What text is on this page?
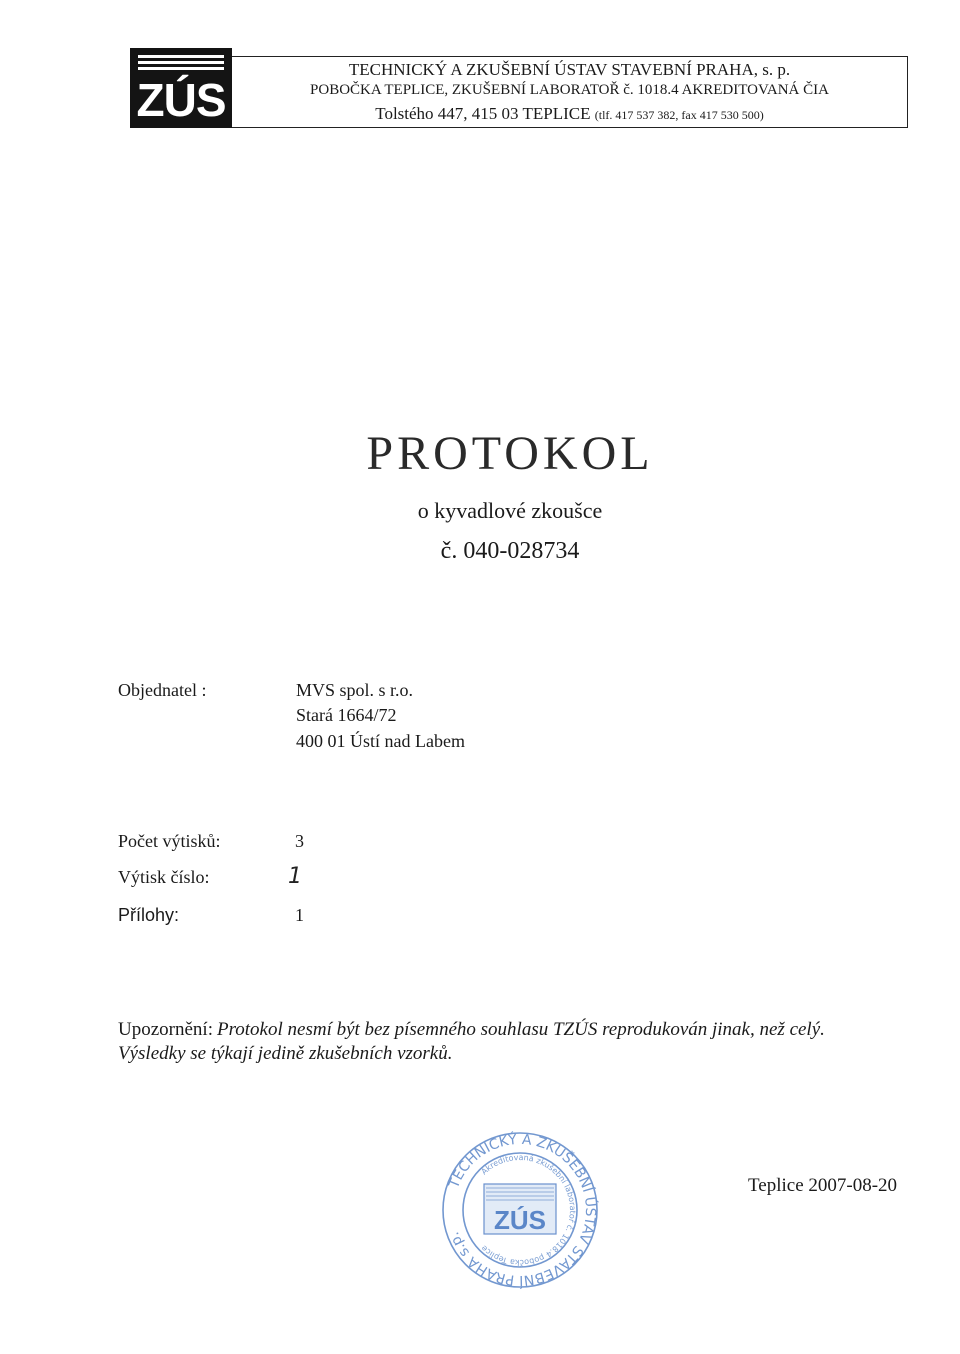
ZÚS
TECHNICKÝ A ZKUŠEBNÍ ÚSTAV STAVEBNÍ PRAHA, s. p.
POBOČKA TEPLICE, ZKUŠEBNÍ LABORATOŘ č. 1018.4 AKREDITOVANÁ ČIA
Tolstého 447, 415 03 TEPLICE (tlf. 417 537 382, fax 417 530 500)
PROTOKOL
o kyvadlové zkoušce
č. 040-028734
Objednatel :	MVS spol. s r.o.
Stará 1664/72
400 01 Ústí nad Labem
Počet výtisků:	3
Výtisk číslo:	1
Přílohy:	1
Upozornění: Protokol nesmí být bez písemného souhlasu TZÚS reprodukován jinak, než celý.
Výsledky se týkají jedině zkušebních vzorků.
TECHNICKÝ A ZKUŠEBNÍ ÚSTAV STAVEBNÍ PRAHA s.p.
Akreditovaná zkušební laboratoř č. 1018.4 pobočka Teplice
ZÚS
Teplice 2007-08-20
